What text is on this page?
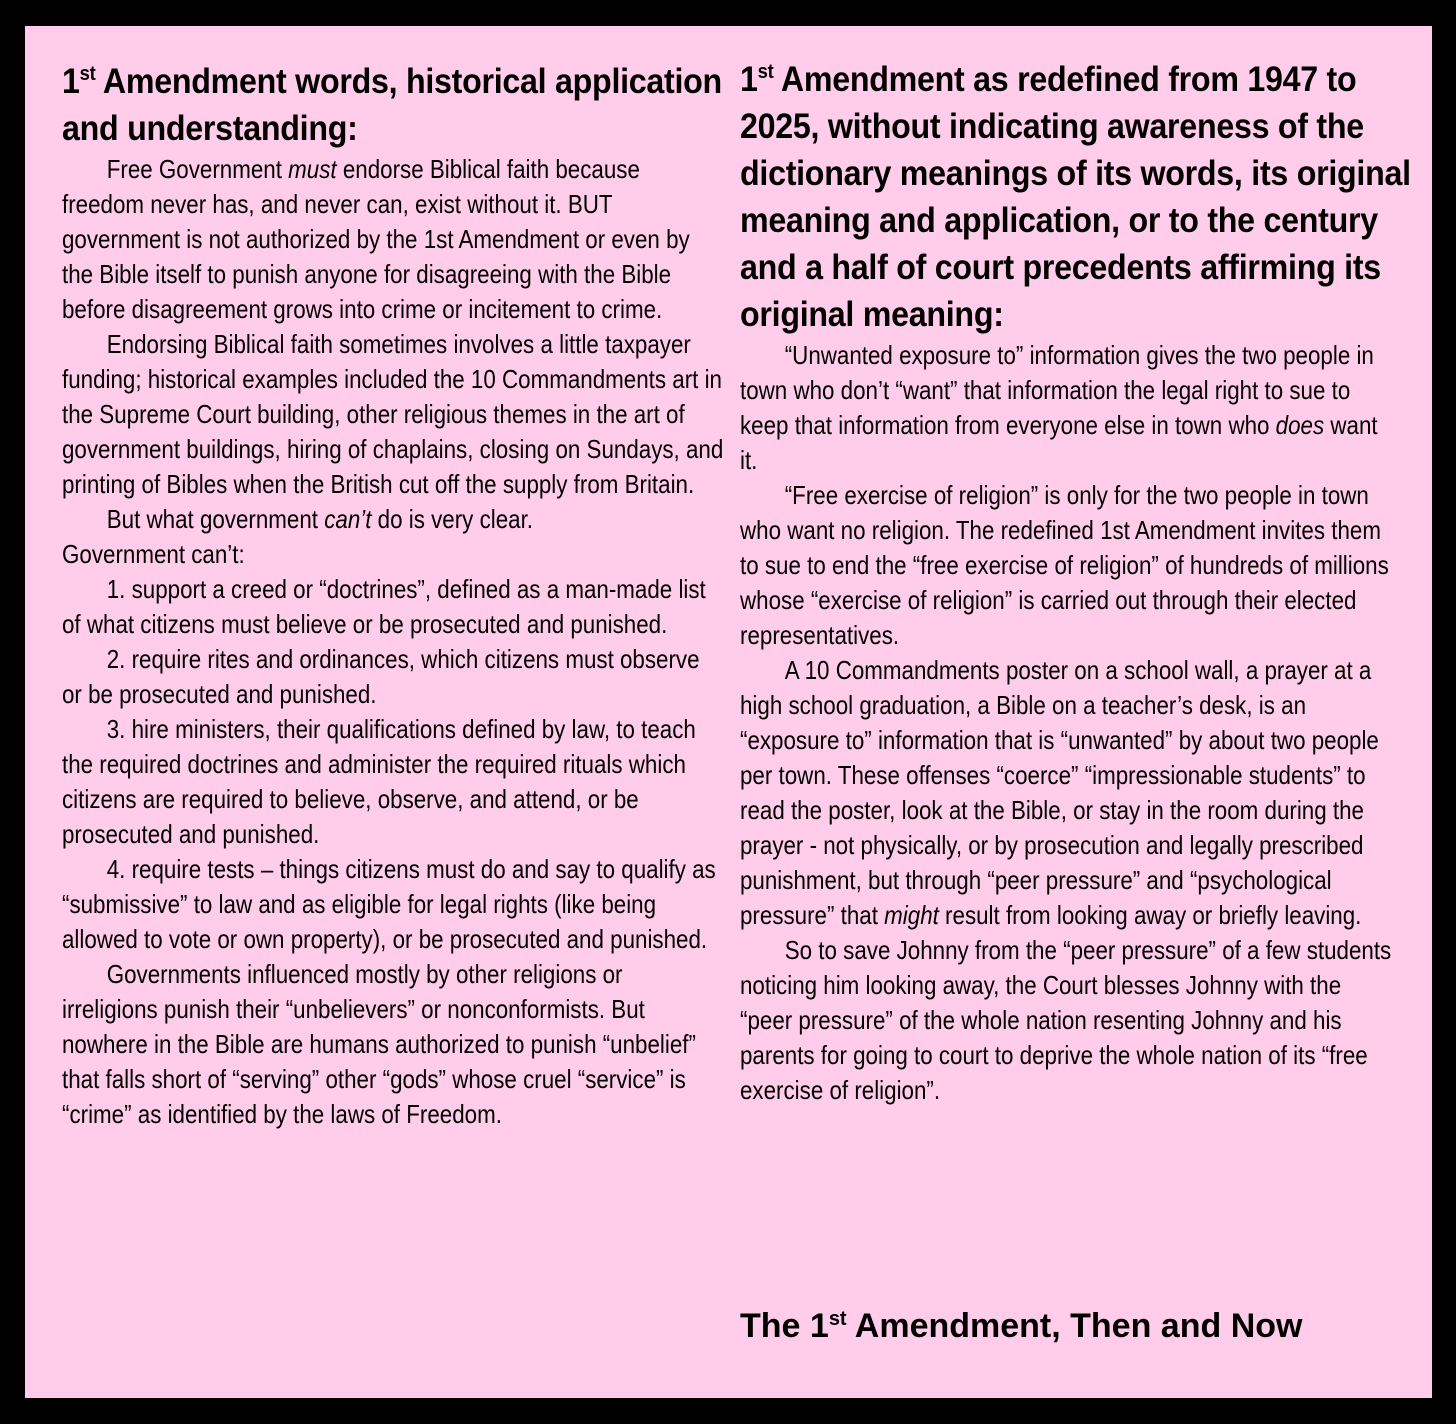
1st Amendment words, historical application and understanding:

Free Government must endorse Biblical faith because freedom never has, and never can, exist without it. BUT government is not authorized by the 1st Amendment or even by the Bible itself to punish anyone for disagreeing with the Bible before disagreement grows into crime or incitement to crime.

Endorsing Biblical faith sometimes involves a little taxpayer funding; historical examples included the 10 Commandments art in the Supreme Court building, other religious themes in the art of government buildings, hiring of chaplains, closing on Sundays, and printing of Bibles when the British cut off the supply from Britain.

But what government can’t do is very clear.

Government can’t:

1. support a creed or “doctrines”, defined as a man-made list of what citizens must believe or be prosecuted and punished.

2. require rites and ordinances, which citizens must observe or be prosecuted and punished.

3. hire ministers, their qualifications defined by law, to teach the required doctrines and administer the required rituals which citizens are required to believe, observe, and attend, or be prosecuted and punished.

4. require tests – things citizens must do and say to qualify as “submissive” to law and as eligible for legal rights (like being allowed to vote or own property), or be prosecuted and punished.

Governments influenced mostly by other religions or irreligions punish their “unbelievers” or nonconformists. But nowhere in the Bible are humans authorized to punish “unbelief” that falls short of “serving” other “gods” whose cruel “service” is “crime” as identified by the laws of Freedom.

1st Amendment as redefined from 1947 to 2025, without indicating awareness of the dictionary meanings of its words, its original meaning and application, or to the century and a half of court precedents affirming its original meaning:

“Unwanted exposure to” information gives the two people in town who don’t “want” that information the legal right to sue to keep that information from everyone else in town who does want it.

“Free exercise of religion” is only for the two people in town who want no religion. The redefined 1st Amendment invites them to sue to end the “free exercise of religion” of hundreds of millions whose “exercise of religion” is carried out through their elected representatives.

A 10 Commandments poster on a school wall, a prayer at a high school graduation, a Bible on a teacher’s desk, is an “exposure to” information that is “unwanted” by about two people per town. These offenses “coerce” “impressionable students” to read the poster, look at the Bible, or stay in the room during the prayer - not physically, or by prosecution and legally prescribed punishment, but through “peer pressure” and “psychological pressure” that might result from looking away or briefly leaving.

So to save Johnny from the “peer pressure” of a few students noticing him looking away, the Court blesses Johnny with the “peer pressure” of the whole nation resenting Johnny and his parents for going to court to deprive the whole nation of its “free exercise of religion”.

The 1st Amendment, Then and Now
